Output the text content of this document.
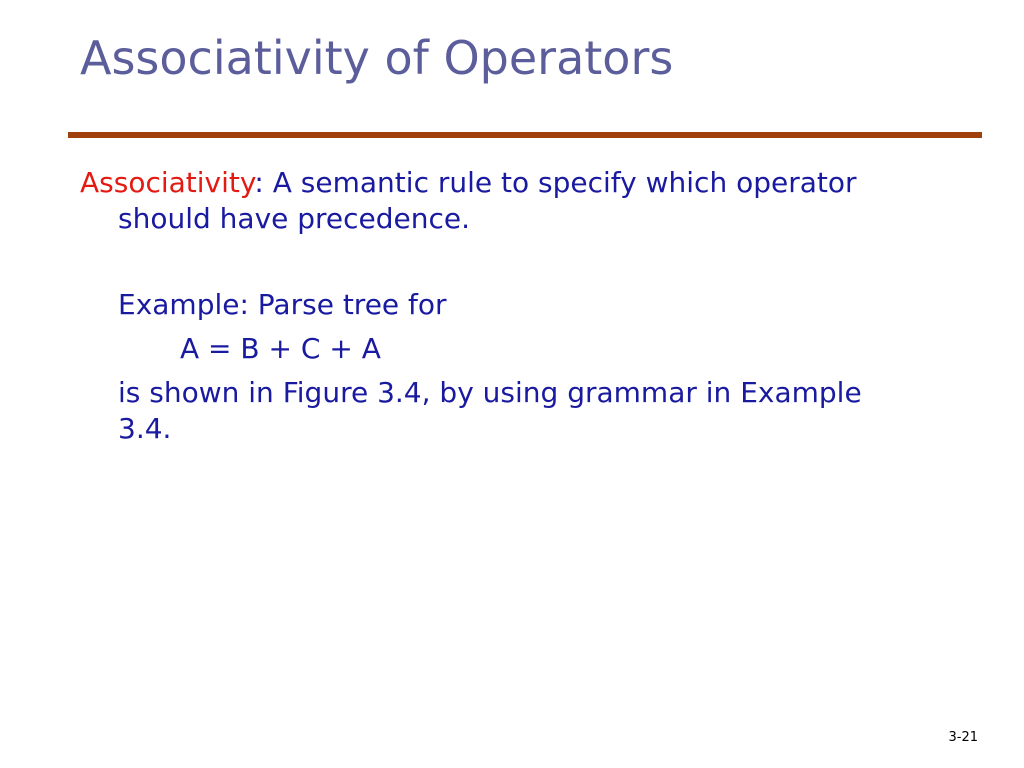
Associativity of Operators

Associativity: A semantic rule to specify which operator should have precedence.

Example: Parse tree for

A = B + C + A

is shown in Figure 3.4, by using grammar in Example 3.4.

3-21
